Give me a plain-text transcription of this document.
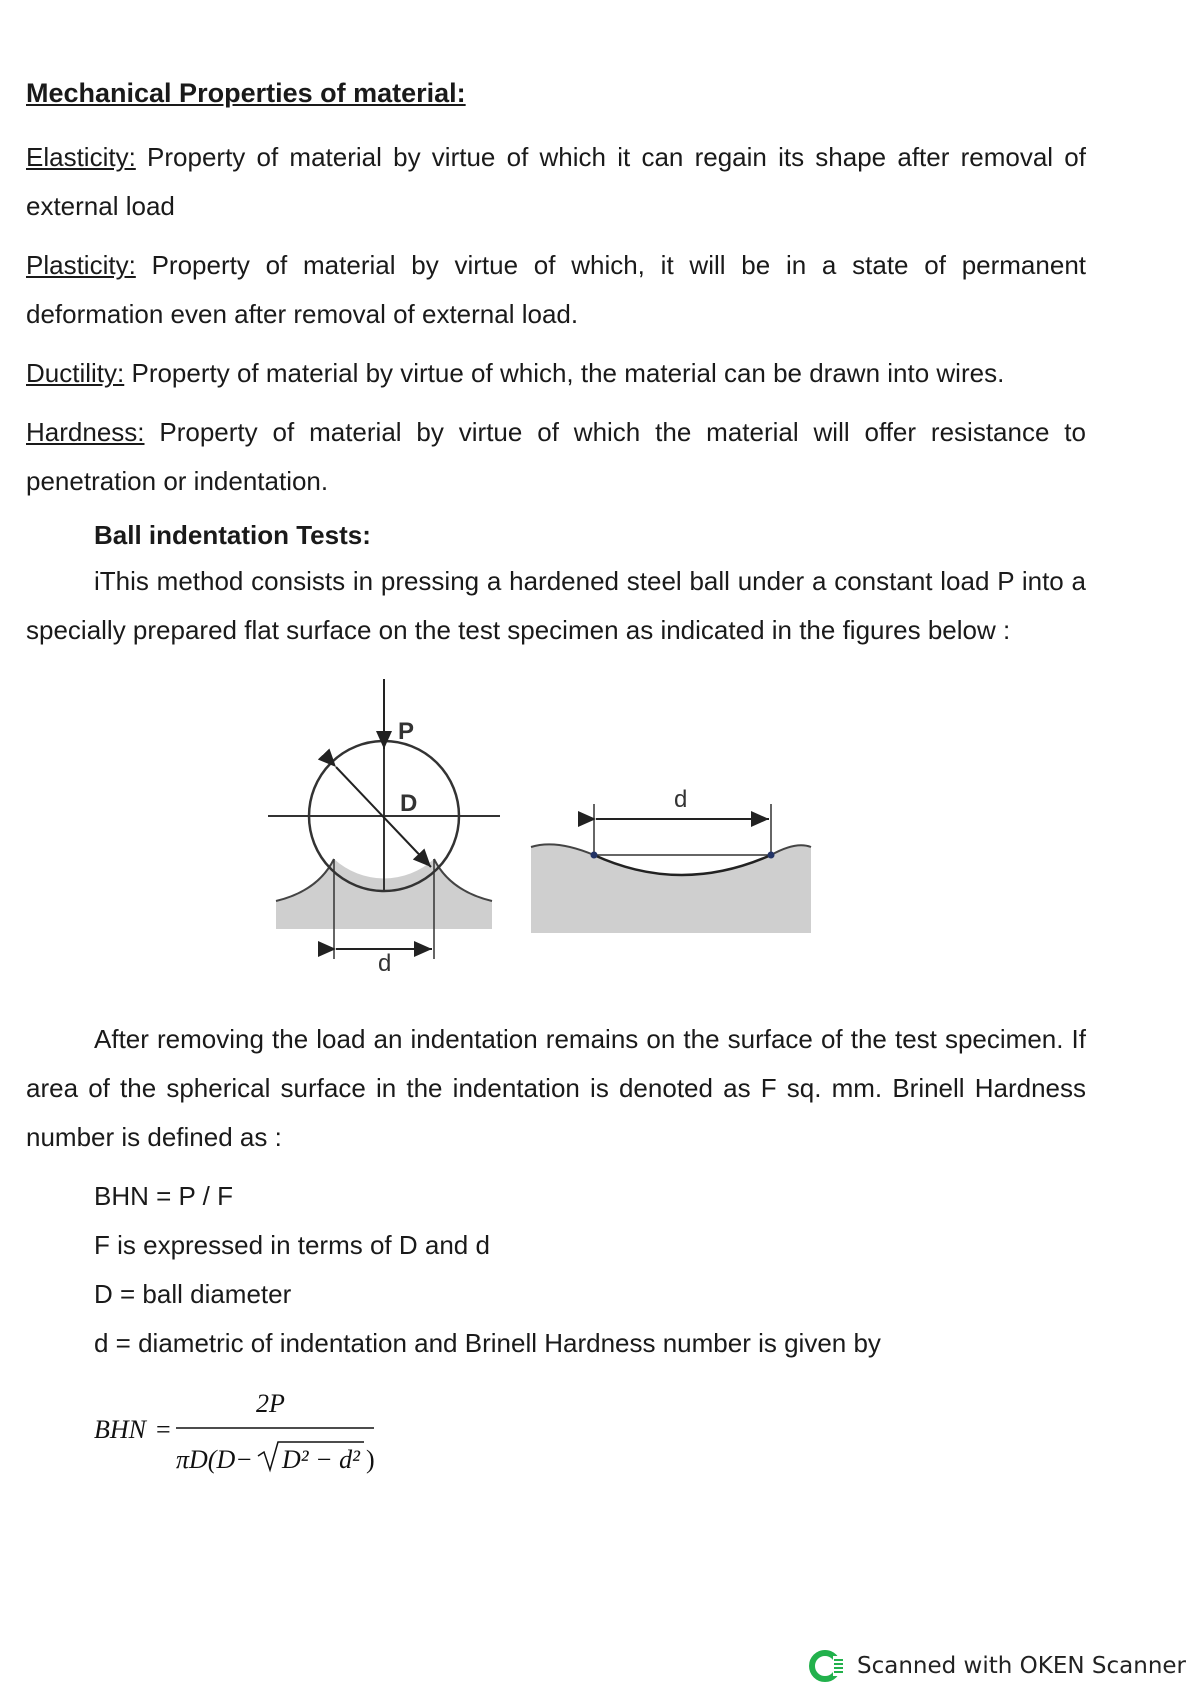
Mechanical Properties of material:

Elasticity: Property of material by virtue of which it can regain its shape after removal of external load

Plasticity: Property of material by virtue of which, it will be in a state of permanent deformation even after removal of external load.

Ductility: Property of material by virtue of which, the material can be drawn into wires.

Hardness: Property of material by virtue of which the material will offer resistance to penetration or indentation.

Ball indentation Tests:

iThis method consists in pressing a hardened steel ball under a constant load P into a specially prepared flat surface on the test specimen as indicated in the figures below :

P
D
d
d

After removing the load an indentation remains on the surface of the test specimen. If area of the spherical surface in the indentation is denoted as F sq. mm. Brinell Hardness number is defined as :

BHN = P / F
F is expressed in terms of D and d
D = ball diameter
d = diametric of indentation and Brinell Hardness number is given by
BHN =
2P
πD(D− D² − d² )
Scanned with OKEN Scanner
